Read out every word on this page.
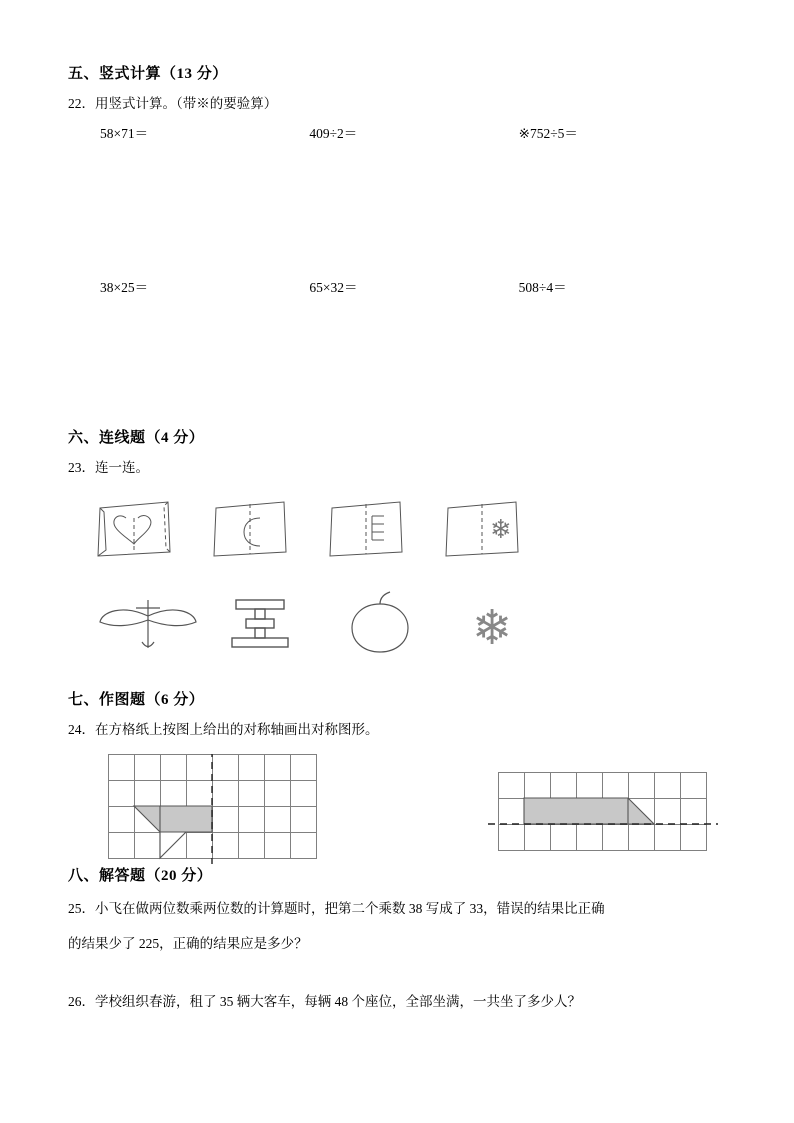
五、竖式计算（13 分）
22．用竖式计算。（带※的要验算）
58×71＝	409÷2＝	※752÷5＝
38×25＝	65×32＝	508÷4＝
六、连线题（4 分）
23．连一连。
❄
❄
七、作图题（6 分）
24．在方格纸上按图上给出的对称轴画出对称图形。
八、解答题（20 分）
25．小飞在做两位数乘两位数的计算题时，把第二个乘数 38 写成了 33，错误的结果比正确
的结果少了 225，正确的结果应是多少？
26．学校组织春游，租了 35 辆大客车，每辆 48 个座位，全部坐满，一共坐了多少人？
